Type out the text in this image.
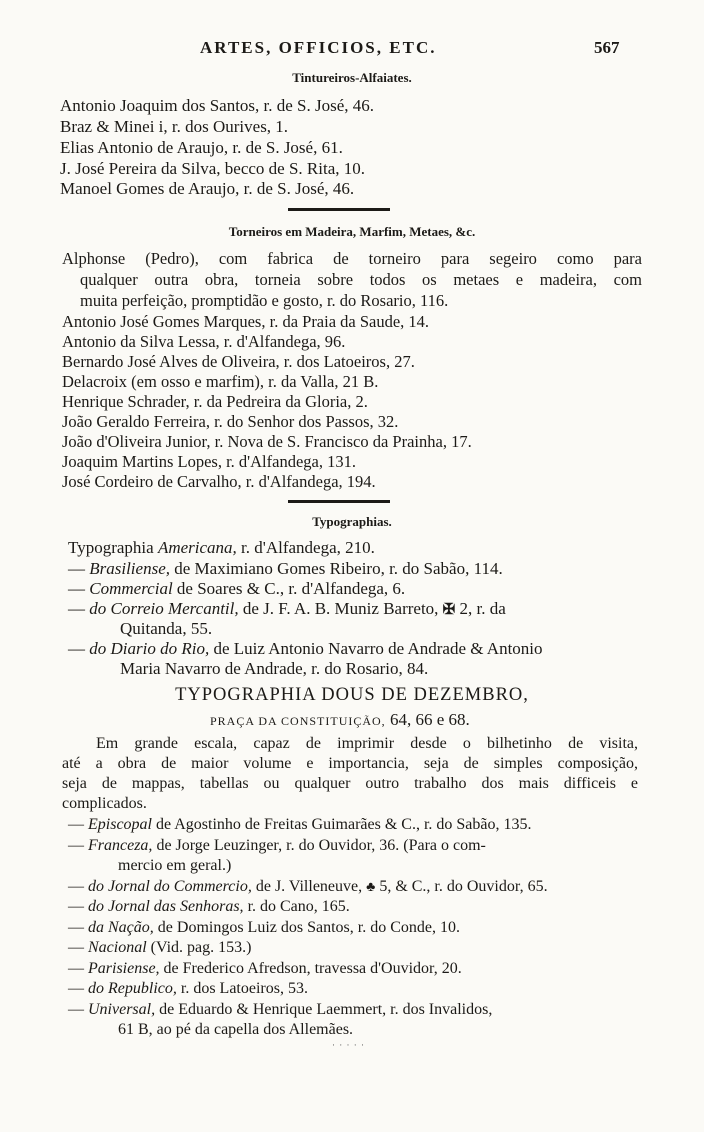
ARTES, OFFICIOS, ETC.	567
Tintureiros-Alfaiates.
Antonio Joaquim dos Santos, r. de S. José, 46.
Braz & Minei i, r. dos Ourives, 1.
Elias Antonio de Araujo, r. de S. José, 61.
J. José Pereira da Silva, becco de S. Rita, 10.
Manoel Gomes de Araujo, r. de S. José, 46.
Torneiros em Madeira, Marfim, Metaes, &c.
Alphonse (Pedro), com fabrica de torneiro para segeiro como para
qualquer outra obra, torneia sobre todos os metaes e madeira, com
muita perfeição, promptidão e gosto, r. do Rosario, 116.
Antonio José Gomes Marques, r. da Praia da Saude, 14.
Antonio da Silva Lessa, r. d'Alfandega, 96.
Bernardo José Alves de Oliveira, r. dos Latoeiros, 27.
Delacroix (em osso e marfim), r. da Valla, 21 B.
Henrique Schrader, r. da Pedreira da Gloria, 2.
João Geraldo Ferreira, r. do Senhor dos Passos, 32.
João d'Oliveira Junior, r. Nova de S. Francisco da Prainha, 17.
Joaquim Martins Lopes, r. d'Alfandega, 131.
José Cordeiro de Carvalho, r. d'Alfandega, 194.
Typographias.
Typographia Americana, r. d'Alfandega, 210.
— Brasiliense, de Maximiano Gomes Ribeiro, r. do Sabão, 114.
— Commercial de Soares & C., r. d'Alfandega, 6.
— do Correio Mercantil, de J. F. A. B. Muniz Barreto, ✠ 2, r. da
Quitanda, 55.
— do Diario do Rio, de Luiz Antonio Navarro de Andrade & Antonio
Maria Navarro de Andrade, r. do Rosario, 84.
TYPOGRAPHIA DOUS DE DEZEMBRO,
PRAÇA DA CONSTITUIÇÃO, 64, 66 e 68.
Em grande escala, capaz de imprimir desde o bilhetinho de visita,
até a obra de maior volume e importancia, seja de simples composição,
seja de mappas, tabellas ou qualquer outro trabalho dos mais difficeis e
complicados.
— Episcopal de Agostinho de Freitas Guimarães & C., r. do Sabão, 135.
— Franceza, de Jorge Leuzinger, r. do Ouvidor, 36. (Para o com-
mercio em geral.)
— do Jornal do Commercio, de J. Villeneuve, ♣ 5, & C., r. do Ouvidor, 65.
— do Jornal das Senhoras, r. do Cano, 165.
— da Nação, de Domingos Luiz dos Santos, r. do Conde, 10.
— Nacional (Vid. pag. 153.)
— Parisiense, de Frederico Afredson, travessa d'Ouvidor, 20.
— do Republico, r. dos Latoeiros, 53.
— Universal, de Eduardo & Henrique Laemmert, r. dos Invalidos,
61 B, ao pé da capella dos Allemães.
· · · · ·
